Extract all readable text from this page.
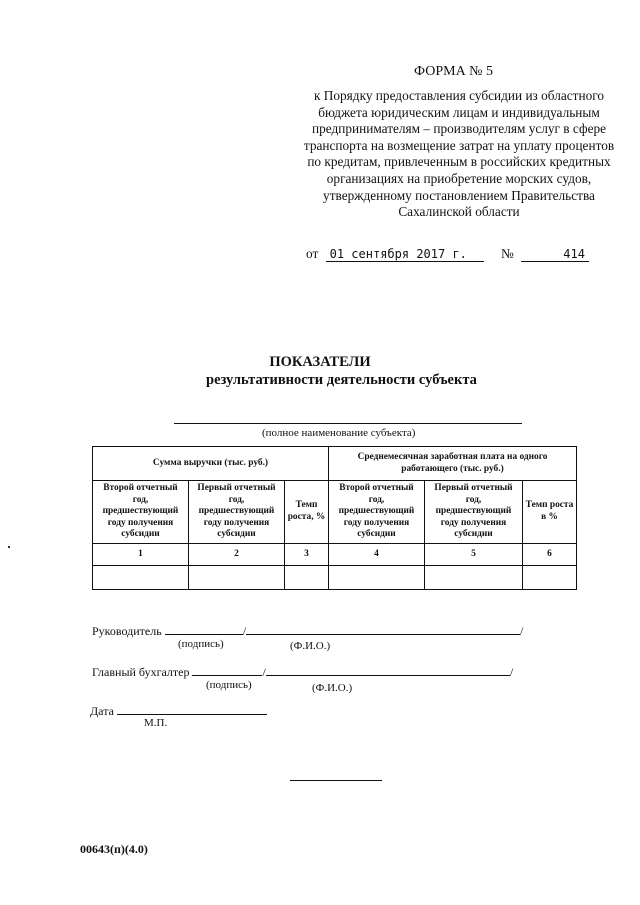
ФОРМА № 5
к Порядку предоставления субсидии из областного бюджета юридическим лицам и индивидуальным предпринимателям – производителям услуг в сфере транспорта на возмещение затрат на уплату процентов по кредитам, привлеченным в российских кредитных организациях на приобретение морских судов, утвержденному постановлением Правительства Сахалинской области
от 01 сентября 2017 г.	№	414
ПОКАЗАТЕЛИ
результативности деятельности субъекта
(полное наименование субъекта)
Сумма выручки (тыс. руб.)			Среднемесячная заработная плата на одного работающего (тыс. руб.)		
Второй отчетный год, предшествующий году получения субсидии	Первый отчетный год, предшествующий году получения субсидии	Темп роста, %	Второй отчетный год, предшествующий году получения субсидии	Первый отчетный год, предшествующий году получения субсидии	Темп роста в %
1	2	3	4	5	6

Руководитель	/	/
(подпись)	(Ф.И.О.)
Главный бухгалтер	/	/
(подпись)	(Ф.И.О.)
Дата
М.П.
00643(п)(4.0)
